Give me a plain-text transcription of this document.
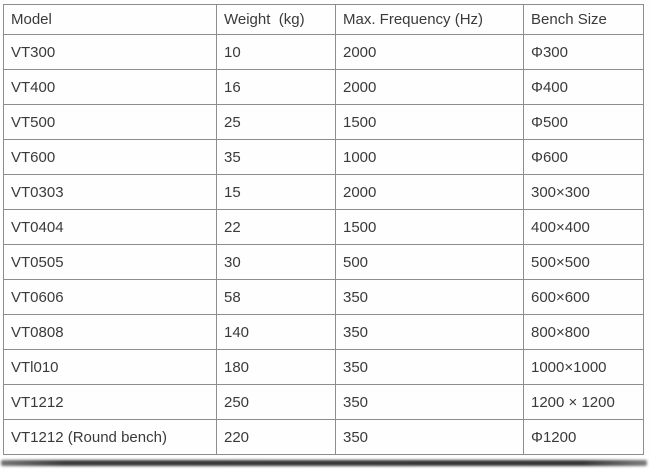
Model	Weight  (kg)	Max. Frequency (Hz)	Bench Size
VT300	10	2000	Φ300
VT400	16	2000	Φ400
VT500	25	1500	Φ500
VT600	35	1000	Φ600
VT0303	15	2000	300×300
VT0404	22	1500	400×400
VT0505	30	500	500×500
VT0606	58	350	600×600
VT0808	140	350	800×800
VTl010	180	350	1000×1000
VT1212	250	350	1200 × 1200
VT1212 (Round bench)	220	350	Φ1200
